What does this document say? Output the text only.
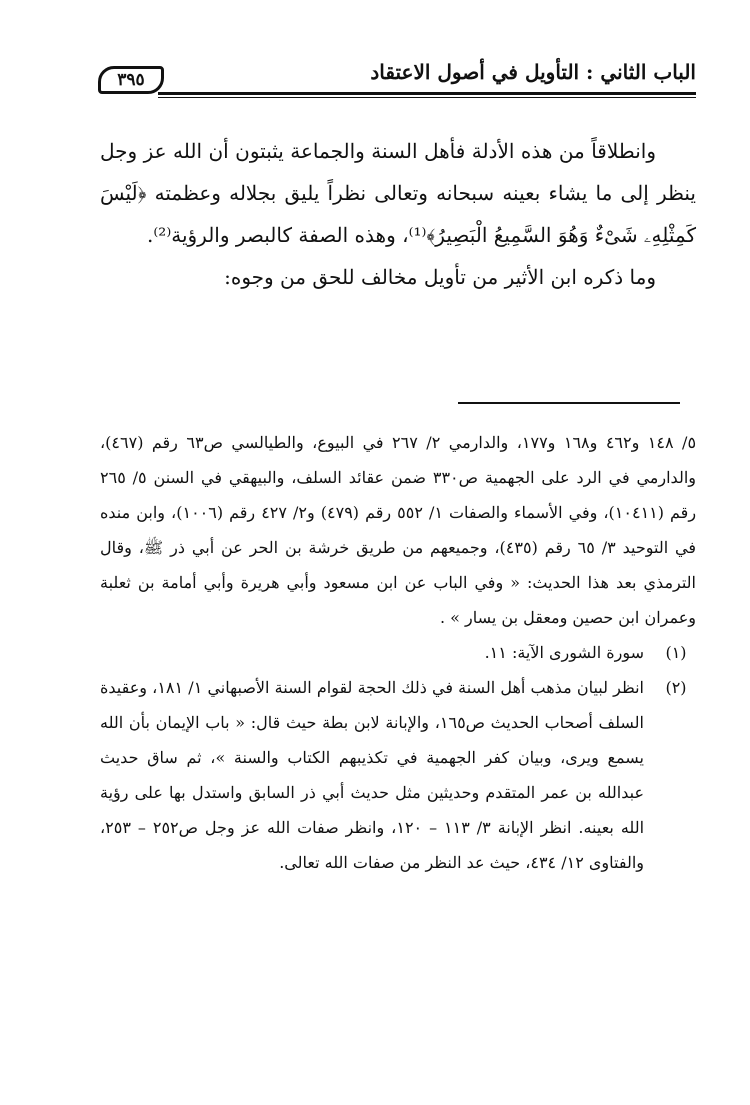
الباب الثاني : التأويل في أصول الاعتقاد
٣٩٥

وانطلاقاً من هذه الأدلة فأهل السنة والجماعة يثبتون أن الله عز وجل ينظر إلى ما يشاء بعينه سبحانه وتعالى نظراً يليق بجلاله وعظمته ﴿لَيْسَ كَمِثْلِهِۦ شَىْءٌ وَهُوَ السَّمِيعُ الْبَصِيرُ﴾⁽¹⁾، وهذه الصفة كالبصر والرؤية⁽²⁾.

وما ذكره ابن الأثير من تأويل مخالف للحق من وجوه:

٥/ ١٤٨ و٤٦٢ و١٦٨ و١٧٧، والدارمي ٢/ ٢٦٧ في البيوع، والطيالسي ص٦٣ رقم (٤٦٧)، والدارمي في الرد على الجهمية ص٣٣٠ ضمن عقائد السلف، والبيهقي في السنن ٥/ ٢٦٥ رقم (١٠٤١١)، وفي الأسماء والصفات ١/ ٥٥٢ رقم (٤٧٩) و٢/ ٤٢٧ رقم (١٠٠٦)، وابن منده في التوحيد ٣/ ٦٥ رقم (٤٣٥)، وجميعهم من طريق خرشة بن الحر عن أبي ذر ﷺ، وقال الترمذي بعد هذا الحديث: « وفي الباب عن ابن مسعود وأبي هريرة وأبي أمامة بن ثعلبة وعمران ابن حصين ومعقل بن يسار » .

(١)
سورة الشورى الآية: ١١.
(٢)
انظر لبيان مذهب أهل السنة في ذلك الحجة لقوام السنة الأصبهاني ١/ ١٨١، وعقيدة السلف أصحاب الحديث ص١٦٥، والإبانة لابن بطة حيث قال: « باب الإيمان بأن الله يسمع ويرى، وبيان كفر الجهمية في تكذيبهم الكتاب والسنة »، ثم ساق حديث عبدالله بن عمر المتقدم وحديثين مثل حديث أبي ذر السابق واستدل بها على رؤية الله بعينه. انظر الإبانة ٣/ ١١٣ – ١٢٠، وانظر صفات الله عز وجل ص٢٥٢ – ٢٥٣، والفتاوى ١٢/ ٤٣٤، حيث عد النظر من صفات الله تعالى.
